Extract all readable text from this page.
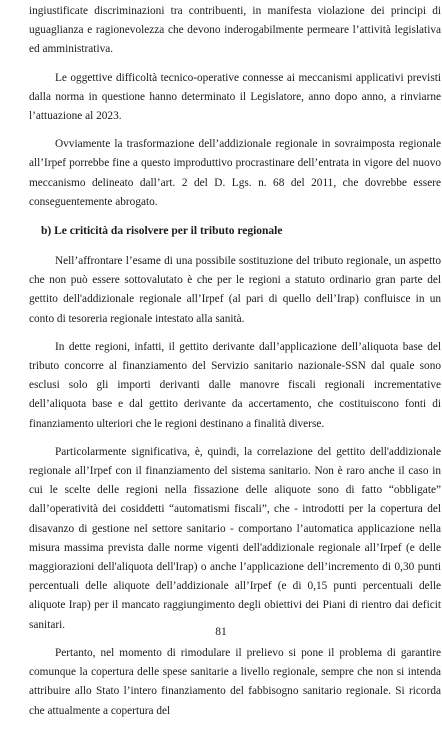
ingiustificate discriminazioni tra contribuenti, in manifesta violazione dei principi di uguaglianza e ragionevolezza che devono inderogabilmente permeare l’attività legislativa ed amministrativa.

Le oggettive difficoltà tecnico-operative connesse ai meccanismi applicativi previsti dalla norma in questione hanno determinato il Legislatore, anno dopo anno, a rinviarne l’attuazione al 2023.

Ovviamente la trasformazione dell’addizionale regionale in sovraimposta regionale all’Irpef porrebbe fine a questo improduttivo procrastinare dell’entrata in vigore del nuovo meccanismo delineato dall’art. 2 del D. Lgs. n. 68 del 2011, che dovrebbe essere conseguentemente abrogato.

b) Le criticità da risolvere per il tributo regionale

Nell’affrontare l’esame di una possibile sostituzione del tributo regionale, un aspetto che non può essere sottovalutato è che per le regioni a statuto ordinario gran parte del gettito dell'addizionale regionale all’Irpef (al pari di quello dell’Irap) confluisce in un conto di tesoreria regionale intestato alla sanità.

In dette regioni, infatti, il gettito derivante dall’applicazione dell’aliquota base del tributo concorre al finanziamento del Servizio sanitario nazionale-SSN dal quale sono esclusi solo gli importi derivanti dalle manovre fiscali regionali incrementative dell’aliquota base e dal gettito derivante da accertamento, che costituiscono fonti di finanziamento ulteriori che le regioni destinano a finalità diverse.

Particolarmente significativa, è, quindi, la correlazione del gettito dell'addizionale regionale all’Irpef con il finanziamento del sistema sanitario. Non è raro anche il caso in cui le scelte delle regioni nella fissazione delle aliquote sono di fatto “obbligate” dall’operatività dei cosiddetti “automatismi fiscali”, che - introdotti per la copertura del disavanzo di gestione nel settore sanitario - comportano l’automatica applicazione nella misura massima prevista dalle norme vigenti dell'addizionale regionale all’Irpef (e delle maggiorazioni dell'aliquota dell'Irap) o anche l’applicazione dell’incremento di 0,30 punti percentuali delle aliquote dell’addizionale all’Irpef (e di 0,15 punti percentuali delle aliquote Irap) per il mancato raggiungimento degli obiettivi dei Piani di rientro dai deficit sanitari.

Pertanto, nel momento di rimodulare il prelievo si pone il problema di garantire comunque la copertura delle spese sanitarie a livello regionale, sempre che non si intenda attribuire allo Stato l’intero finanziamento del fabbisogno sanitario regionale. Si ricorda che attualmente a copertura del

81
